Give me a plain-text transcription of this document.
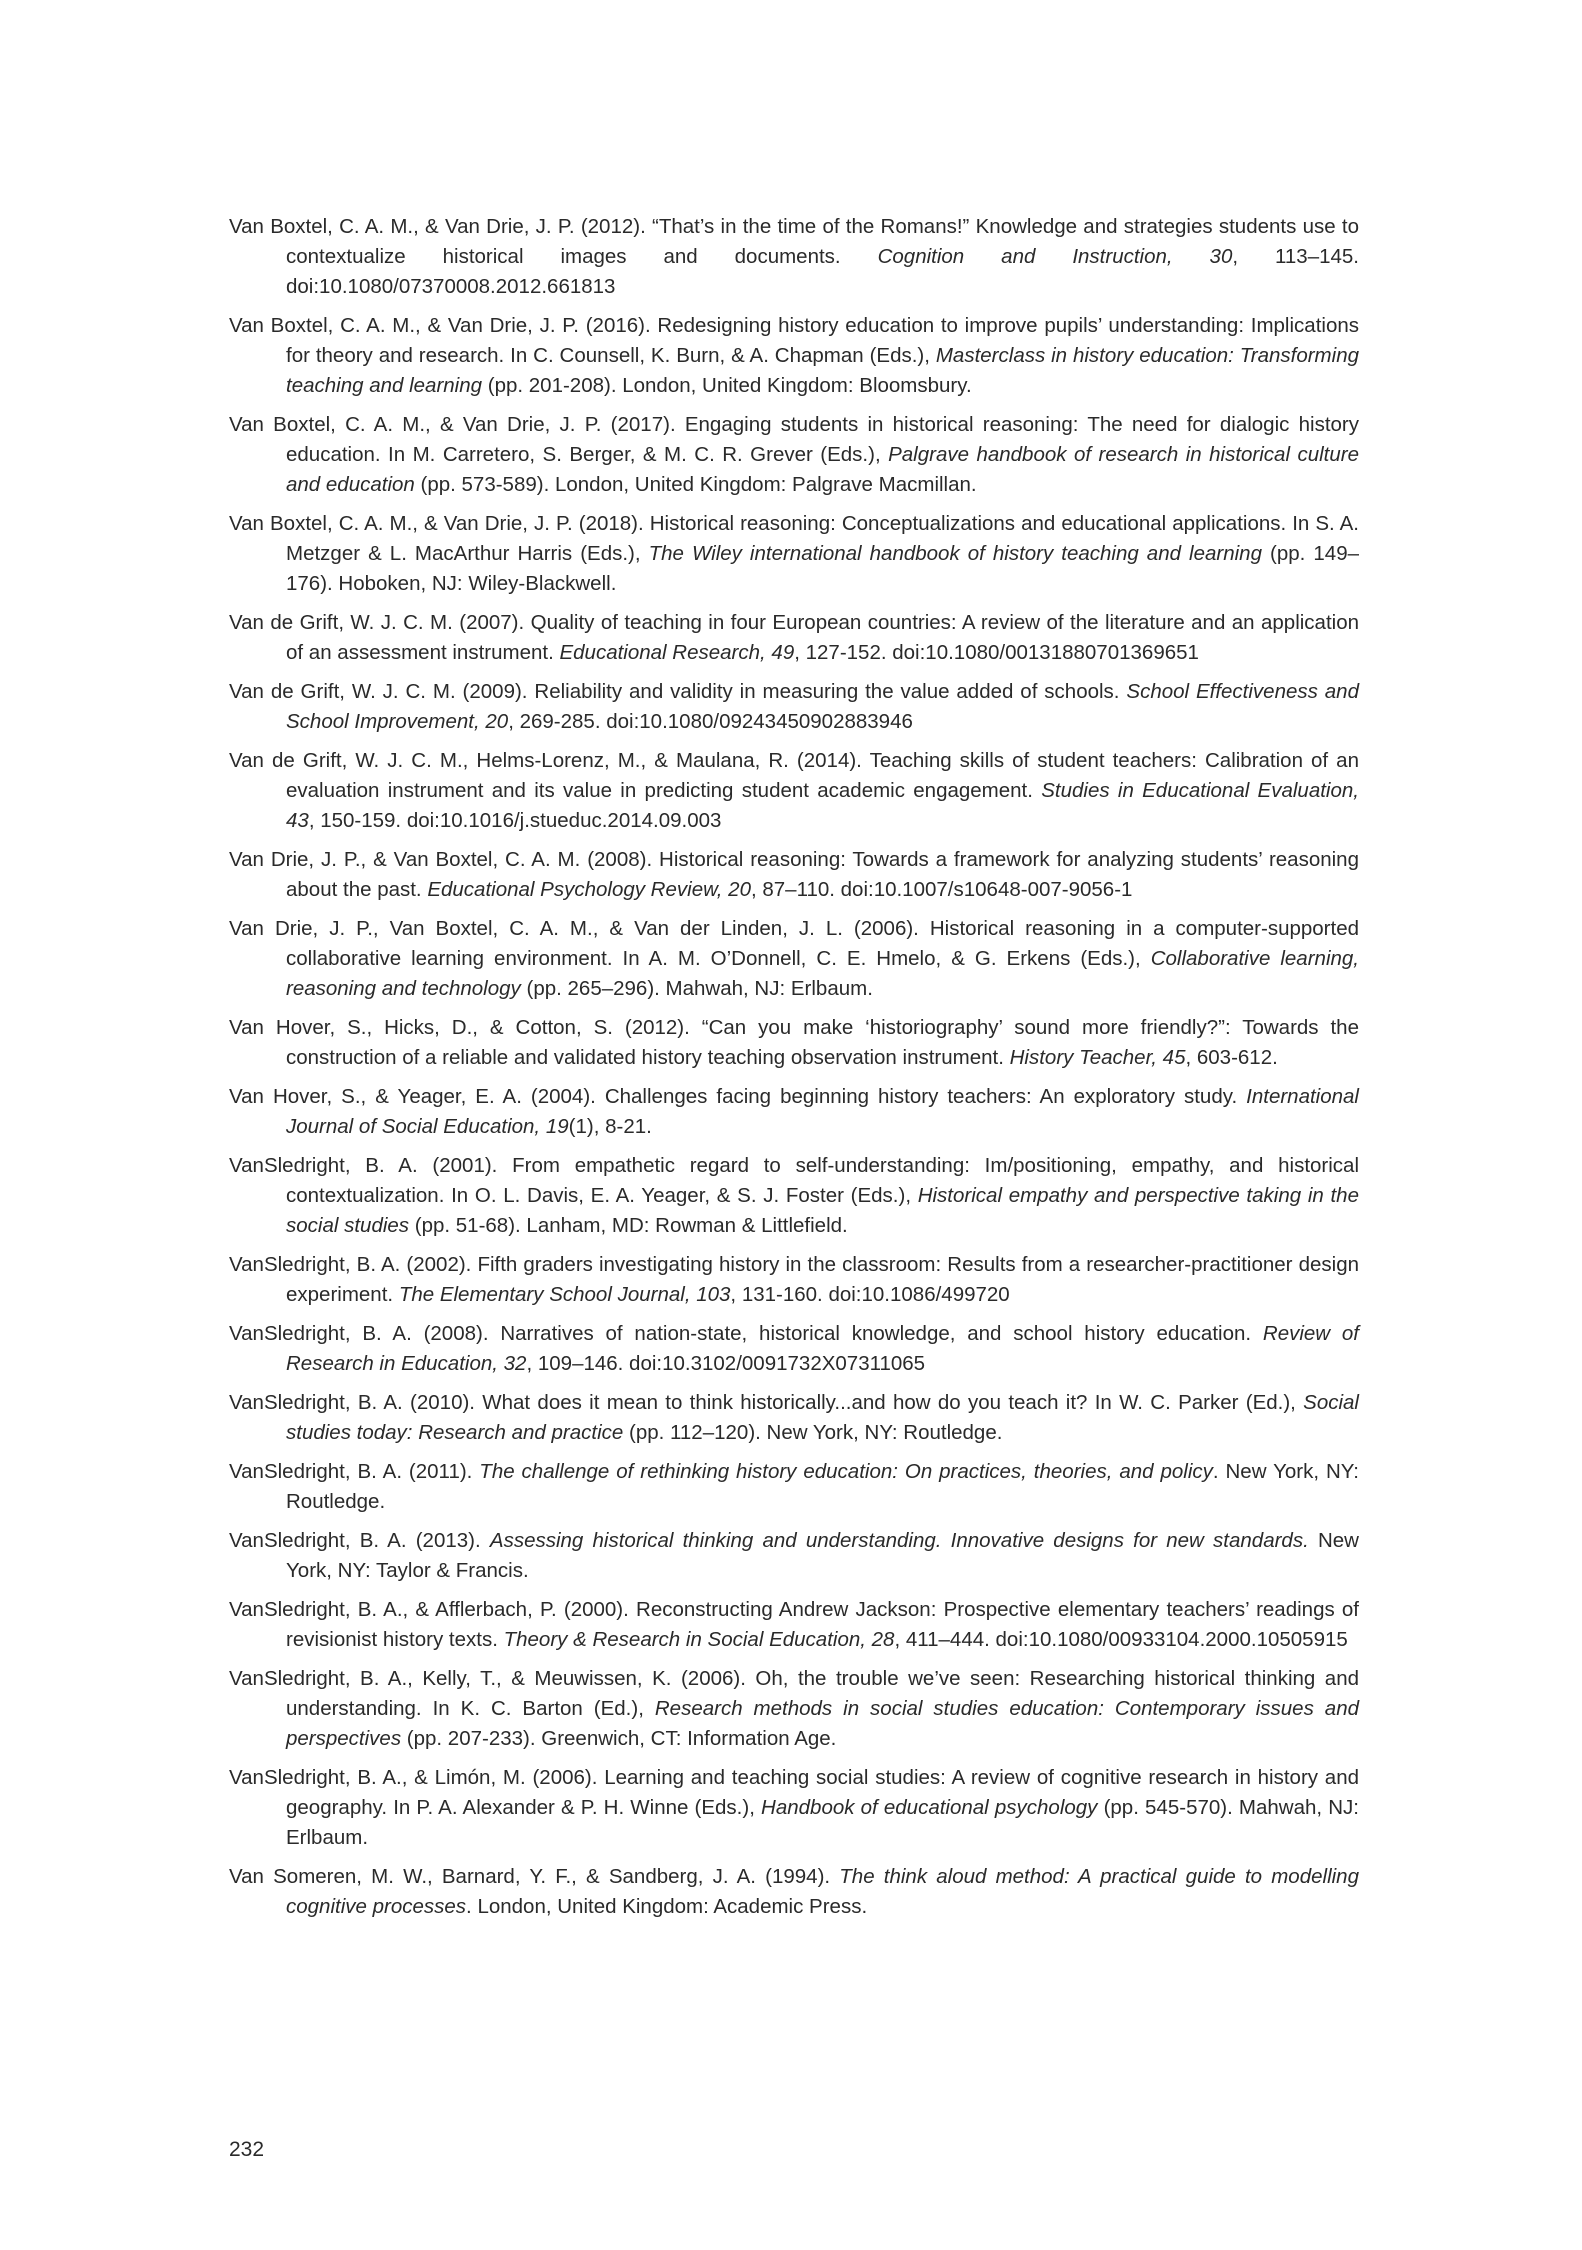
Van Boxtel, C. A. M., & Van Drie, J. P. (2012). “That’s in the time of the Romans!” Knowledge and strategies students use to contextualize historical images and documents. Cognition and Instruction, 30, 113–145. doi:10.1080/07370008.2012.661813

Van Boxtel, C. A. M., & Van Drie, J. P. (2016). Redesigning history education to improve pupils’ understanding: Implications for theory and research. In C. Counsell, K. Burn, & A. Chapman (Eds.), Masterclass in history education: Transforming teaching and learning (pp. 201-208). London, United Kingdom: Bloomsbury.

Van Boxtel, C. A. M., & Van Drie, J. P. (2017). Engaging students in historical reasoning: The need for dialogic history education. In M. Carretero, S. Berger, & M. C. R. Grever (Eds.), Palgrave handbook of research in historical culture and education (pp. 573-589). London, United Kingdom: Palgrave Macmillan.

Van Boxtel, C. A. M., & Van Drie, J. P. (2018). Historical reasoning: Conceptualizations and educational applications. In S. A. Metzger & L. MacArthur Harris (Eds.), The Wiley international handbook of history teaching and learning (pp. 149–176). Hoboken, NJ: Wiley-Blackwell.

Van de Grift, W. J. C. M. (2007). Quality of teaching in four European countries: A review of the literature and an application of an assessment instrument. Educational Research, 49, 127-152. doi:10.1080/00131880701369651

Van de Grift, W. J. C. M. (2009). Reliability and validity in measuring the value added of schools. School Effectiveness and School Improvement, 20, 269-285. doi:10.1080/09243450902883946

Van de Grift, W. J. C. M., Helms-Lorenz, M., & Maulana, R. (2014). Teaching skills of student teachers: Calibration of an evaluation instrument and its value in predicting student academic engagement. Studies in Educational Evaluation, 43, 150-159. doi:10.1016/j.stueduc.2014.09.003

Van Drie, J. P., & Van Boxtel, C. A. M. (2008). Historical reasoning: Towards a framework for analyzing students’ reasoning about the past. Educational Psychology Review, 20, 87–110. doi:10.1007/s10648-007-9056-1

Van Drie, J. P., Van Boxtel, C. A. M., & Van der Linden, J. L. (2006). Historical reasoning in a computer-supported collaborative learning environment. In A. M. O’Donnell, C. E. Hmelo, & G. Erkens (Eds.), Collaborative learning, reasoning and technology (pp. 265–296). Mahwah, NJ: Erlbaum.

Van Hover, S., Hicks, D., & Cotton, S. (2012). “Can you make ‘historiography’ sound more friendly?”: Towards the construction of a reliable and validated history teaching observation instrument. History Teacher, 45, 603-612.

Van Hover, S., & Yeager, E. A. (2004). Challenges facing beginning history teachers: An exploratory study. International Journal of Social Education, 19(1), 8-21.

VanSledright, B. A. (2001). From empathetic regard to self-understanding: Im/positioning, empathy, and historical contextualization. In O. L. Davis, E. A. Yeager, & S. J. Foster (Eds.), Historical empathy and perspective taking in the social studies (pp. 51-68). Lanham, MD: Rowman & Littlefield.

VanSledright, B. A. (2002). Fifth graders investigating history in the classroom: Results from a researcher-practitioner design experiment. The Elementary School Journal, 103, 131-160. doi:10.1086/499720

VanSledright, B. A. (2008). Narratives of nation-state, historical knowledge, and school history education. Review of Research in Education, 32, 109–146. doi:10.3102/0091732X07311065

VanSledright, B. A. (2010). What does it mean to think historically...and how do you teach it? In W. C. Parker (Ed.), Social studies today: Research and practice (pp. 112–120). New York, NY: Routledge.

VanSledright, B. A. (2011). The challenge of rethinking history education: On practices, theories, and policy. New York, NY: Routledge.

VanSledright, B. A. (2013). Assessing historical thinking and understanding. Innovative designs for new standards. New York, NY: Taylor & Francis.

VanSledright, B. A., & Afflerbach, P. (2000). Reconstructing Andrew Jackson: Prospective elementary teachers’ readings of revisionist history texts. Theory & Research in Social Education, 28, 411–444. doi:10.1080/00933104.2000.10505915

VanSledright, B. A., Kelly, T., & Meuwissen, K. (2006). Oh, the trouble we’ve seen: Researching historical thinking and understanding. In K. C. Barton (Ed.), Research methods in social studies education: Contemporary issues and perspectives (pp. 207-233). Greenwich, CT: Information Age.

VanSledright, B. A., & Limón, M. (2006). Learning and teaching social studies: A review of cognitive research in history and geography. In P. A. Alexander & P. H. Winne (Eds.), Handbook of educational psychology (pp. 545-570). Mahwah, NJ: Erlbaum.

Van Someren, M. W., Barnard, Y. F., & Sandberg, J. A. (1994). The think aloud method: A practical guide to modelling cognitive processes. London, United Kingdom: Academic Press.

232
